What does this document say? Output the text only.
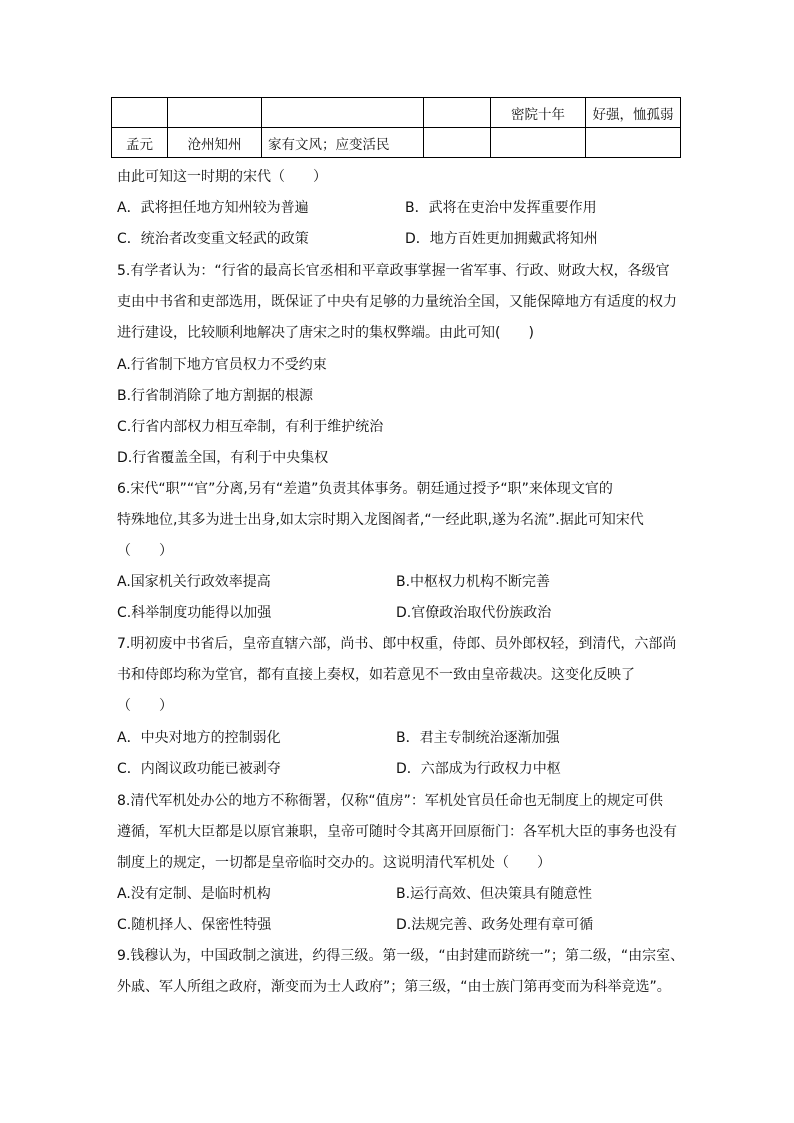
				密院十年	好强，恤孤弱
孟元	沧州知州	家有文风；应变活民			
由此可知这一时期的宋代（　　）
A．武将担任地方知州较为普遍	B．武将在吏治中发挥重要作用
C．统治者改变重文轻武的政策	D．地方百姓更加拥戴武将知州
5.有学者认为：“行省的最高长官丞相和平章政事掌握一省军事、行政、财政大权，各级官
吏由中书省和吏部选用，既保证了中央有足够的力量统治全国，又能保障地方有适度的权力
进行建设，比较顺利地解决了唐宋之时的集权弊端。由此可知(　　)
A.行省制下地方官员权力不受约束
B.行省制消除了地方割据的根源
C.行省内部权力相互牵制，有利于维护统治
D.行省覆盖全国，有利于中央集权
6.宋代“职”“官”分离,另有“差遣”负责其体事务。朝廷通过授予“职”来体现文官的
特殊地位,其多为进士出身,如太宗时期入龙图阁者,“一经此职,遂为名流”.据此可知宋代
（　　）
A.国家机关行政效率提高	B.中枢权力机构不断完善
C.科举制度功能得以加强	D.官僚政治取代份族政治
7.明初废中书省后，皇帝直辖六部，尚书、郎中权重，侍郎、员外郎权轻，到清代，六部尚
书和侍郎均称为堂官，都有直接上奏权，如若意见不一致由皇帝裁决。这变化反映了
（　　）
A．中央对地方的控制弱化	B．君主专制统治逐渐加强
C．内阁议政功能已被剥夺	D．六部成为行政权力中枢
8.清代军机处办公的地方不称衙署，仅称“值房”：军机处官员任命也无制度上的规定可供
遵循，军机大臣都是以原官兼职，皇帝可随时令其离开回原衙门：各军机大臣的事务也没有
制度上的规定，一切都是皇帝临时交办的。这说明清代军机处（　　）
A.没有定制、是临时机构	B.运行高效、但决策具有随意性
C.随机择人、保密性特强	D.法规完善、政务处理有章可循
9.钱穆认为，中国政制之演进，约得三级。第一级，“由封建而跻统一”；第二级，“由宗室、
外戚、军人所组之政府，渐变而为士人政府”；第三级，“由士族门第再变而为科举竞选”。
